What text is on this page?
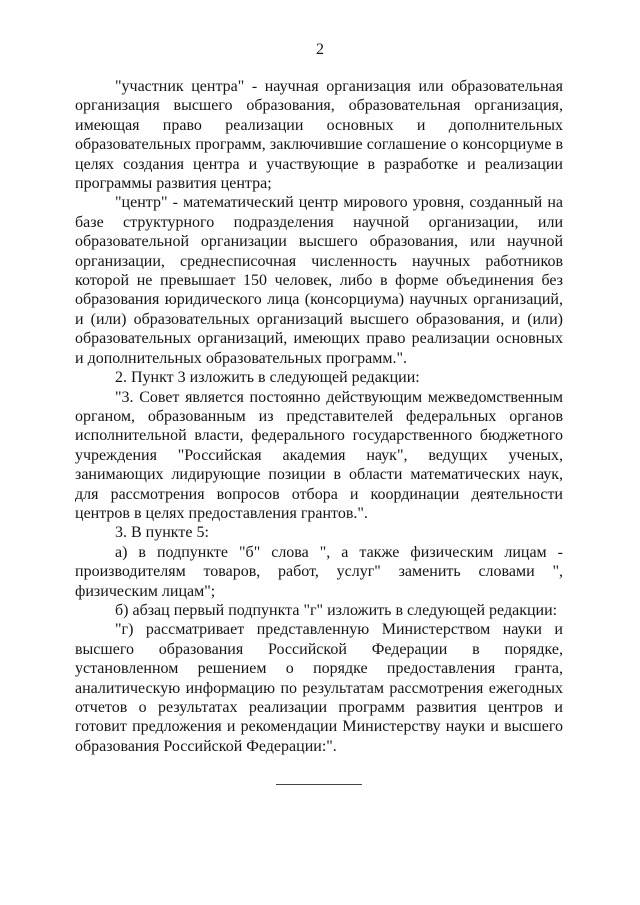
2

"участник центра" - научная организация или образовательная организация высшего образования, образовательная организация, имеющая право реализации основных и дополнительных образовательных программ, заключившие соглашение о консорциуме в целях создания центра и участвующие в разработке и реализации программы развития центра;

"центр" - математический центр мирового уровня, созданный на базе структурного подразделения научной организации, или образовательной организации высшего образования, или научной организации, среднесписочная численность научных работников которой не превышает 150 человек, либо в форме объединения без образования юридического лица (консорциума) научных организаций, и (или) образовательных организаций высшего образования, и (или) образовательных организаций, имеющих право реализации основных и дополнительных образовательных программ.".

2. Пункт 3 изложить в следующей редакции:

"3. Совет является постоянно действующим межведомственным органом, образованным из представителей федеральных органов исполнительной власти, федерального государственного бюджетного учреждения "Российская академия наук", ведущих ученых, занимающих лидирующие позиции в области математических наук, для рассмотрения вопросов отбора и координации деятельности центров в целях предоставления грантов.".

3. В пункте 5:

а) в подпункте "б" слова ", а также физическим лицам - производителям товаров, работ, услуг" заменить словами ", физическим лицам";

б) абзац первый подпункта "г" изложить в следующей редакции:

"г) рассматривает представленную Министерством науки и высшего образования Российской Федерации в порядке, установленном решением о порядке предоставления гранта, аналитическую информацию по результатам рассмотрения ежегодных отчетов о результатах реализации программ развития центров и готовит предложения и рекомендации Министерству науки и высшего образования Российской Федерации:".
